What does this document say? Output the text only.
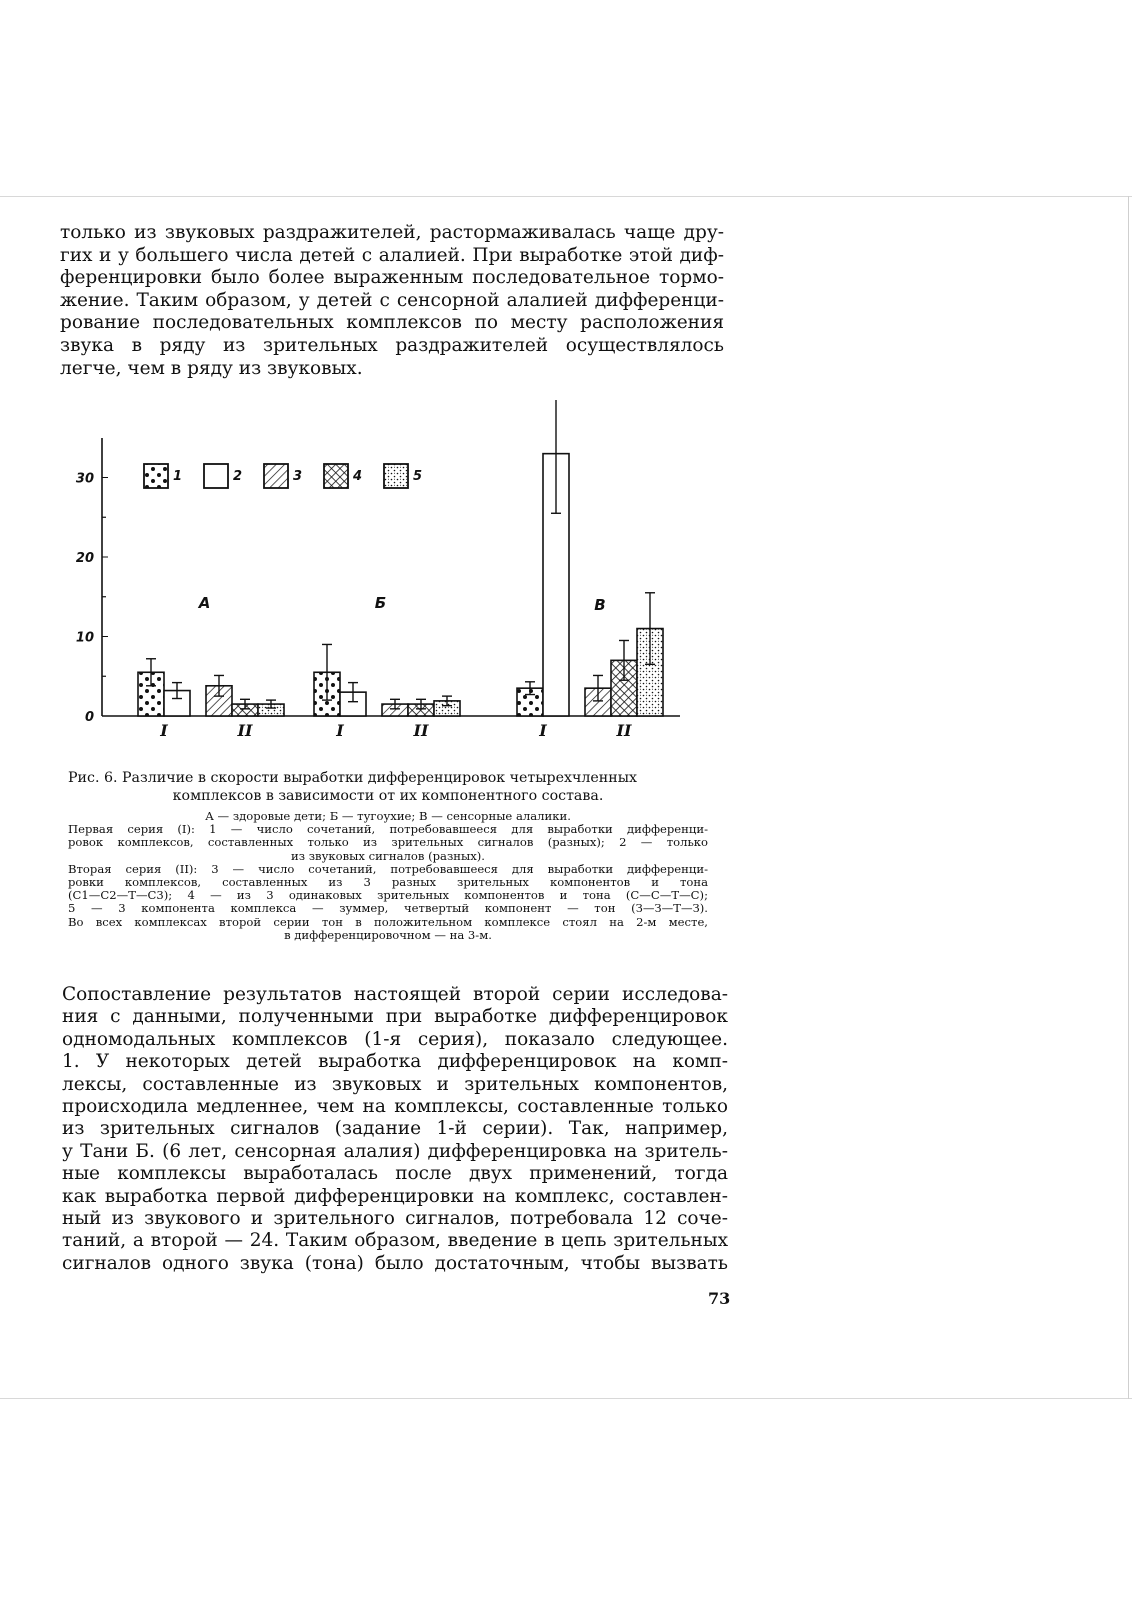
только из звуковых раздражителей, растормаживалась чаще дру-
гих и у большего числа детей с алалией. При выработке этой диф-
ференцировки было более выраженным последовательное тормо-
жение. Таким образом, у детей с сенсорной алалией дифференци-
рование последовательных комплексов по месту расположения
звука в ряду из зрительных раздражителей осуществлялось
легче, чем в ряду из звуковых.
0
10
20
30	1	2	3	4	5
I	II
А
I	II
Б
I	II
В
Рис. 6. Различие в скорости выработки дифференцировок четырехчленных
комплексов в зависимости от их компонентного состава.
А — здоровые дети; Б — тугоухие; В — сенсорные алалики.
Первая серия (I): 1 — число сочетаний, потребовавшееся для выработки дифференци-
ровок комплексов, составленных только из зрительных сигналов (разных); 2 — только
из звуковых сигналов (разных).
Вторая серия (II): 3 — число сочетаний, потребовавшееся для выработки дифференци-
ровки комплексов, составленных из 3 разных зрительных компонентов и тона
(С1—С2—Т—С3); 4 — из 3 одинаковых зрительных компонентов и тона (С—С—Т—С);
5 — 3 компонента комплекса — зуммер, четвертый компонент — тон (З—З—Т—З).
Во всех комплексах второй серии тон в положительном комплексе стоял на 2-м месте,
в дифференцировочном — на 3-м.
Сопоставление результатов настоящей второй серии исследова-
ния с данными, полученными при выработке дифференцировок
одномодальных комплексов (1-я серия), показало следующее.
1. У некоторых детей выработка дифференцировок на комп-
лексы, составленные из звуковых и зрительных компонентов,
происходила медленнее, чем на комплексы, составленные только
из зрительных сигналов (задание 1-й серии). Так, например,
у Тани Б. (6 лет, сенсорная алалия) дифференцировка на зритель-
ные комплексы выработалась после двух применений, тогда
как выработка первой дифференцировки на комплекс, составлен-
ный из звукового и зрительного сигналов, потребовала 12 соче-
таний, а второй — 24. Таким образом, введение в цепь зрительных
сигналов одного звука (тона) было достаточным, чтобы вызвать
73
